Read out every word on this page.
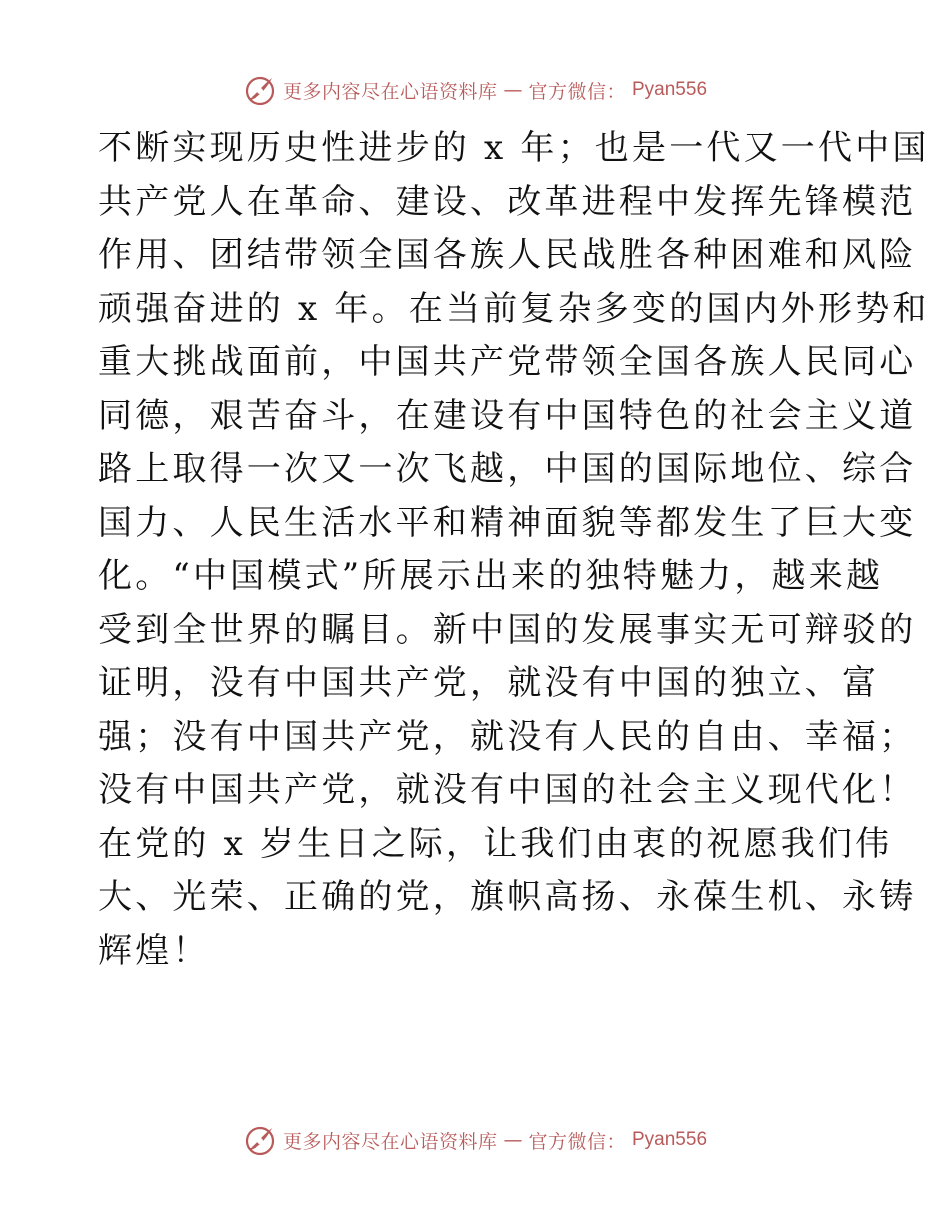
更多内容尽在心语资料库 — 官方微信： Pyan556
不断实现历史性进步的 x 年；也是一代又一代中国
共产党人在革命、建设、改革进程中发挥先锋模范
作用、团结带领全国各族人民战胜各种困难和风险
顽强奋进的 x 年。在当前复杂多变的国内外形势和
重大挑战面前，中国共产党带领全国各族人民同心
同德，艰苦奋斗，在建设有中国特色的社会主义道
路上取得一次又一次飞越，中国的国际地位、综合
国力、人民生活水平和精神面貌等都发生了巨大变
化。“中国模式”所展示出来的独特魅力，越来越
受到全世界的瞩目。新中国的发展事实无可辩驳的
证明，没有中国共产党，就没有中国的独立、富
强；没有中国共产党，就没有人民的自由、幸福；
没有中国共产党，就没有中国的社会主义现代化！
在党的 x 岁生日之际，让我们由衷的祝愿我们伟
大、光荣、正确的党，旗帜高扬、永葆生机、永铸
辉煌！
更多内容尽在心语资料库 — 官方微信： Pyan556
